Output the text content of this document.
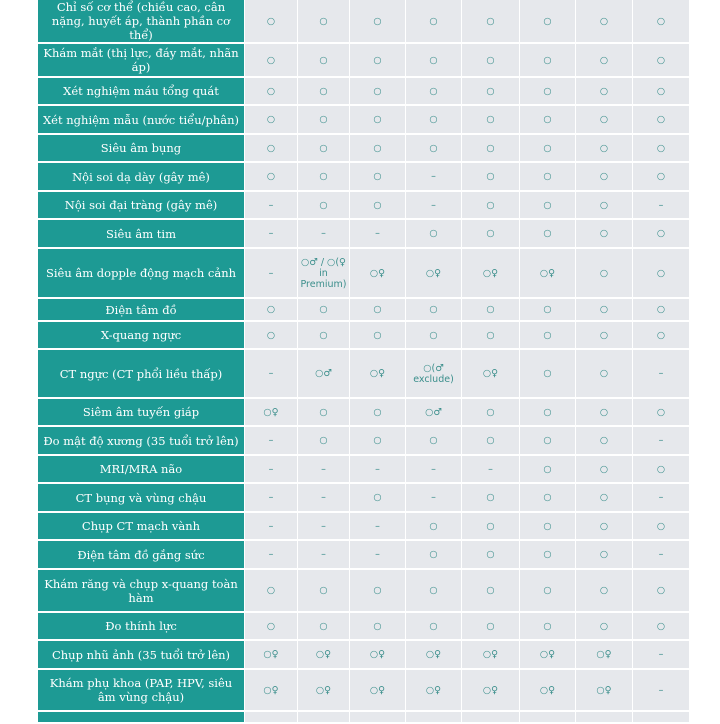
Chỉ số cơ thể (chiều cao, cân nặng, huyết áp, thành phần cơ thể)	○	○	○	○	○	○	○	○
Khám mắt (thị lực, đáy mắt, nhãn áp)	○	○	○	○	○	○	○	○
Xét nghiệm máu tổng quát	○	○	○	○	○	○	○	○
Xét nghiệm mẫu (nước tiểu/phân)	○	○	○	○	○	○	○	○
Siêu âm bụng	○	○	○	○	○	○	○	○
Nội soi dạ dày (gây mê)	○	○	○	–	○	○	○	○
Nội soi đại tràng (gây mê)	–	○	○	–	○	○	○	–
Siêu âm tim	–	–	–	○	○	○	○	○
Siêu âm dopple động mạch cảnh	–	○♂ / ○(♀ in Premium)	○♀	○♀	○♀	○♀	○	○
Điện tâm đồ	○	○	○	○	○	○	○	○
X-quang ngực	○	○	○	○	○	○	○	○
CT ngực (CT phổi liều thấp)	–	○♂	○♀	○(♂ exclude)	○♀	○	○	–
Siêm âm tuyến giáp	○♀	○	○	○♂	○	○	○	○
Đo mật độ xương (35 tuổi trở lên)	–	○	○	○	○	○	○	–
MRI/MRA não	–	–	–	–	–	○	○	○
CT bụng và vùng chậu	–	–	○	–	○	○	○	–
Chụp CT mạch vành	–	–	–	○	○	○	○	○
Điện tâm đồ gắng sức	–	–	–	○	○	○	○	–
Khám răng và chụp x-quang toàn hàm	○	○	○	○	○	○	○	○
Đo thính lực	○	○	○	○	○	○	○	○
Chụp nhũ ảnh (35 tuổi trở lên)	○♀	○♀	○♀	○♀	○♀	○♀	○♀	–
Khám phụ khoa (PAP, HPV, siêu âm vùng chậu)	○♀	○♀	○♀	○♀	○♀	○♀	○♀	–
